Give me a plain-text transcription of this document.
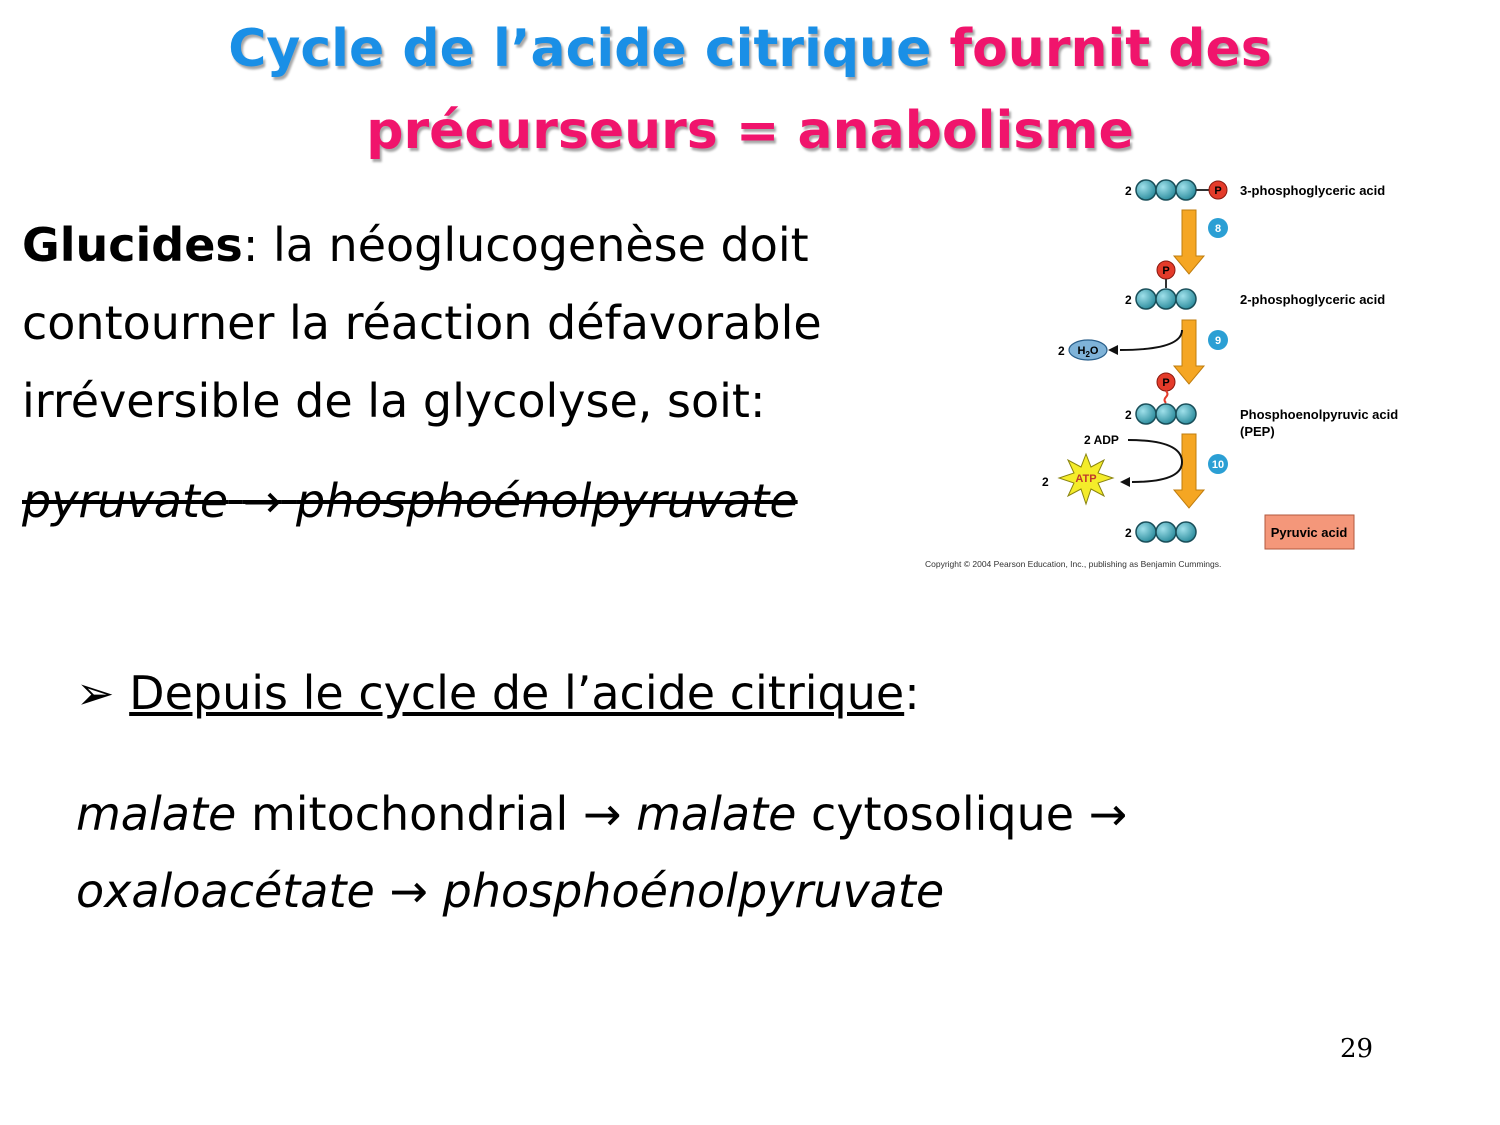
Cycle de l’acide citrique fournit des
précurseurs = anabolisme
Glucides: la néoglucogenèse doit contourner la réaction défavorable irréversible de la glycolyse, soit:
pyruvate → phosphoénolpyruvate
2	P 3-phosphoglyceric acid
8
P
2	2-phosphoglyceric acid
9
2 $H_2O$
P
2	Phosphoenolpyruvic acid
(PEP)
10
2 ADP
2 ATP
2	Pyruvic acid
Copyright © 2004 Pearson Education, Inc., publishing as Benjamin Cummings.
➢ Depuis le cycle de l’acide citrique:
malate mitochondrial → malate cytosolique →
oxaloacétate → phosphoénolpyruvate
29
